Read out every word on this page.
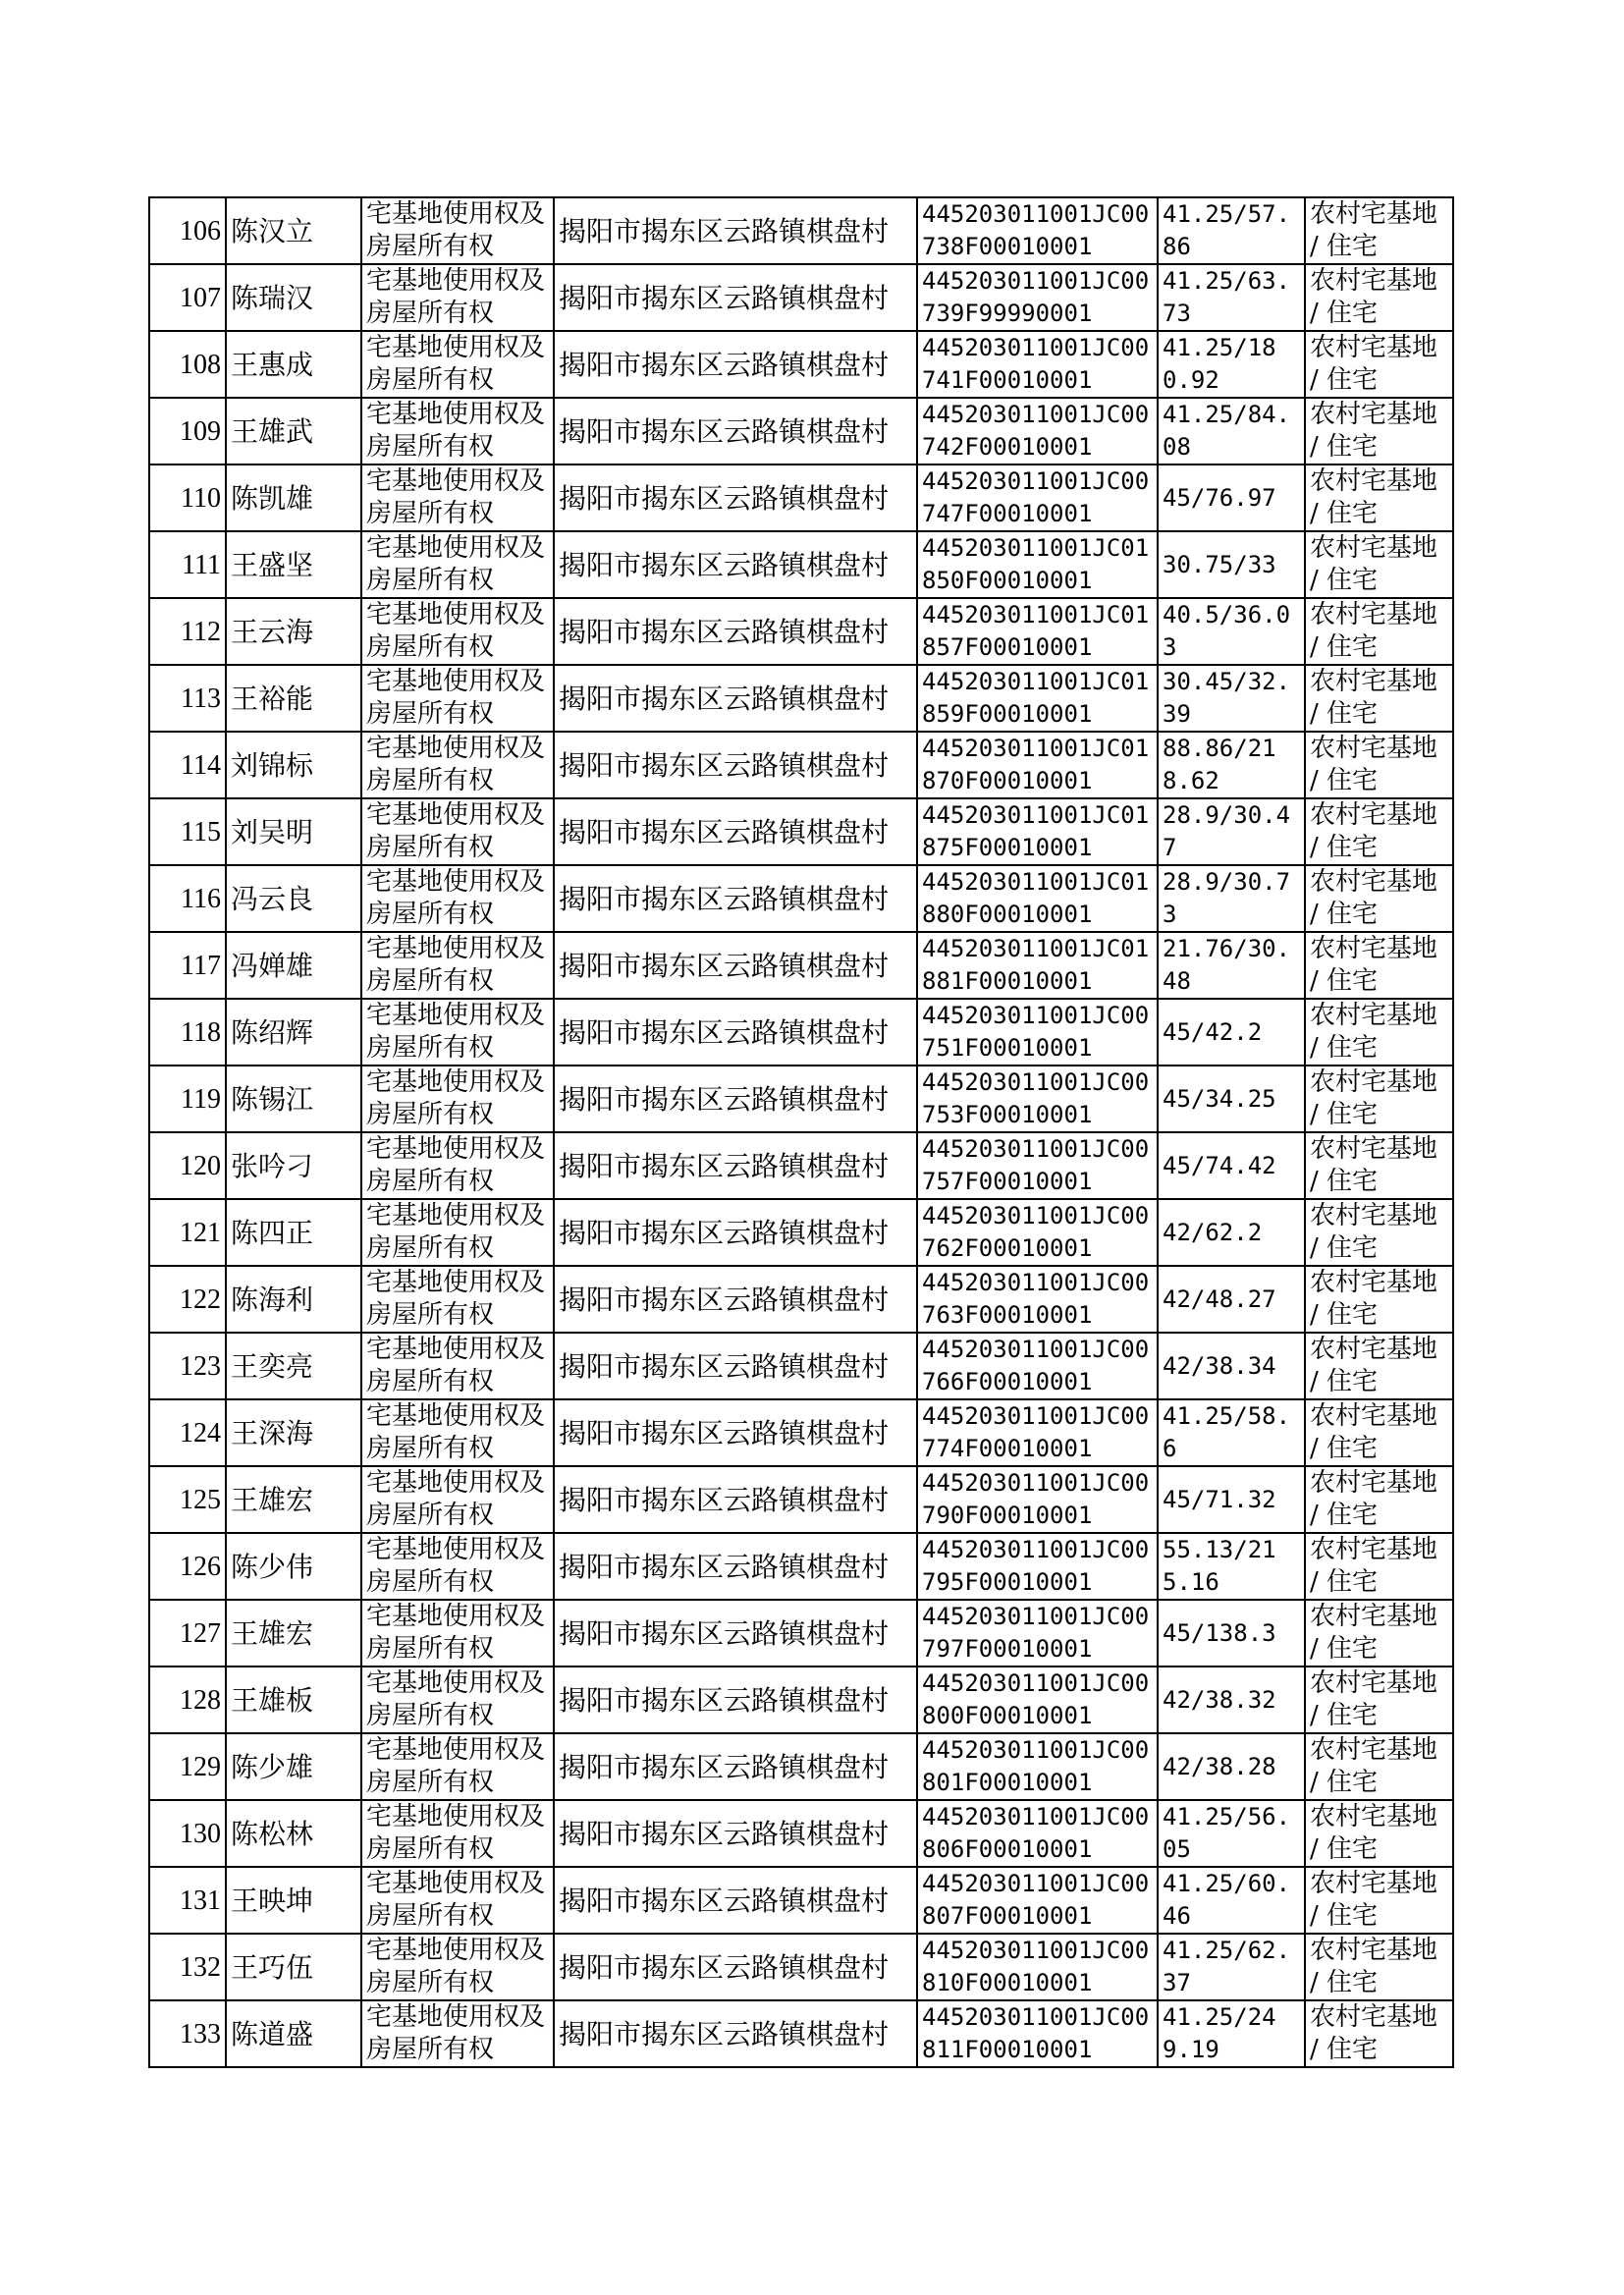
106	陈汉立	宅基地使用权及房屋所有权	揭阳市揭东区云路镇棋盘村	445203011001JC00738F00010001	41.25/57.86	农村宅基地 / 住宅
107	陈瑞汉	宅基地使用权及房屋所有权	揭阳市揭东区云路镇棋盘村	445203011001JC00739F99990001	41.25/63.73	农村宅基地 / 住宅
108	王惠成	宅基地使用权及房屋所有权	揭阳市揭东区云路镇棋盘村	445203011001JC00741F00010001	41.25/180.92	农村宅基地 / 住宅
109	王雄武	宅基地使用权及房屋所有权	揭阳市揭东区云路镇棋盘村	445203011001JC00742F00010001	41.25/84.08	农村宅基地 / 住宅
110	陈凯雄	宅基地使用权及房屋所有权	揭阳市揭东区云路镇棋盘村	445203011001JC00747F00010001	45/76.97	农村宅基地 / 住宅
111	王盛坚	宅基地使用权及房屋所有权	揭阳市揭东区云路镇棋盘村	445203011001JC01850F00010001	30.75/33	农村宅基地 / 住宅
112	王云海	宅基地使用权及房屋所有权	揭阳市揭东区云路镇棋盘村	445203011001JC01857F00010001	40.5/36.03	农村宅基地 / 住宅
113	王裕能	宅基地使用权及房屋所有权	揭阳市揭东区云路镇棋盘村	445203011001JC01859F00010001	30.45/32.39	农村宅基地 / 住宅
114	刘锦标	宅基地使用权及房屋所有权	揭阳市揭东区云路镇棋盘村	445203011001JC01870F00010001	88.86/218.62	农村宅基地 / 住宅
115	刘吴明	宅基地使用权及房屋所有权	揭阳市揭东区云路镇棋盘村	445203011001JC01875F00010001	28.9/30.47	农村宅基地 / 住宅
116	冯云良	宅基地使用权及房屋所有权	揭阳市揭东区云路镇棋盘村	445203011001JC01880F00010001	28.9/30.73	农村宅基地 / 住宅
117	冯婵雄	宅基地使用权及房屋所有权	揭阳市揭东区云路镇棋盘村	445203011001JC01881F00010001	21.76/30.48	农村宅基地 / 住宅
118	陈绍辉	宅基地使用权及房屋所有权	揭阳市揭东区云路镇棋盘村	445203011001JC00751F00010001	45/42.2	农村宅基地 / 住宅
119	陈锡江	宅基地使用权及房屋所有权	揭阳市揭东区云路镇棋盘村	445203011001JC00753F00010001	45/34.25	农村宅基地 / 住宅
120	张吟刁	宅基地使用权及房屋所有权	揭阳市揭东区云路镇棋盘村	445203011001JC00757F00010001	45/74.42	农村宅基地 / 住宅
121	陈四正	宅基地使用权及房屋所有权	揭阳市揭东区云路镇棋盘村	445203011001JC00762F00010001	42/62.2	农村宅基地 / 住宅
122	陈海利	宅基地使用权及房屋所有权	揭阳市揭东区云路镇棋盘村	445203011001JC00763F00010001	42/48.27	农村宅基地 / 住宅
123	王奕亮	宅基地使用权及房屋所有权	揭阳市揭东区云路镇棋盘村	445203011001JC00766F00010001	42/38.34	农村宅基地 / 住宅
124	王深海	宅基地使用权及房屋所有权	揭阳市揭东区云路镇棋盘村	445203011001JC00774F00010001	41.25/58.6	农村宅基地 / 住宅
125	王雄宏	宅基地使用权及房屋所有权	揭阳市揭东区云路镇棋盘村	445203011001JC00790F00010001	45/71.32	农村宅基地 / 住宅
126	陈少伟	宅基地使用权及房屋所有权	揭阳市揭东区云路镇棋盘村	445203011001JC00795F00010001	55.13/215.16	农村宅基地 / 住宅
127	王雄宏	宅基地使用权及房屋所有权	揭阳市揭东区云路镇棋盘村	445203011001JC00797F00010001	45/138.3	农村宅基地 / 住宅
128	王雄板	宅基地使用权及房屋所有权	揭阳市揭东区云路镇棋盘村	445203011001JC00800F00010001	42/38.32	农村宅基地 / 住宅
129	陈少雄	宅基地使用权及房屋所有权	揭阳市揭东区云路镇棋盘村	445203011001JC00801F00010001	42/38.28	农村宅基地 / 住宅
130	陈松林	宅基地使用权及房屋所有权	揭阳市揭东区云路镇棋盘村	445203011001JC00806F00010001	41.25/56.05	农村宅基地 / 住宅
131	王映坤	宅基地使用权及房屋所有权	揭阳市揭东区云路镇棋盘村	445203011001JC00807F00010001	41.25/60.46	农村宅基地 / 住宅
132	王巧伍	宅基地使用权及房屋所有权	揭阳市揭东区云路镇棋盘村	445203011001JC00810F00010001	41.25/62.37	农村宅基地 / 住宅
133	陈道盛	宅基地使用权及房屋所有权	揭阳市揭东区云路镇棋盘村	445203011001JC00811F00010001	41.25/249.19	农村宅基地 / 住宅
